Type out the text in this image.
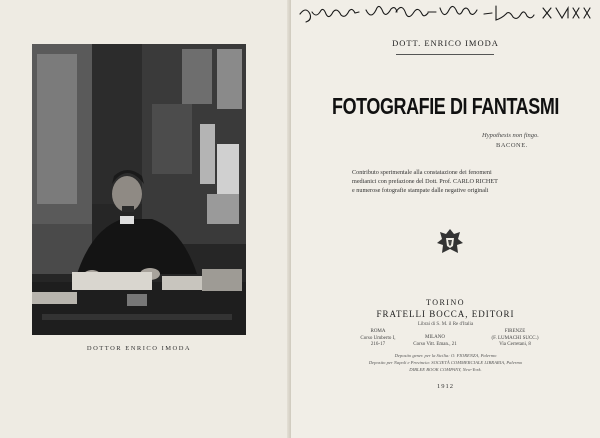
DOTTOR ENRICO IMODA
DOTT. ENRICO IMODA
FOTOGRAFIE DI FANTASMI
Hypothesis non fingo.
BACONE.
Contributo sperimentale alla constatazione dei fenomeni
medianici con prefazione del Dott. Prof. CARLO RICHET
e numerose fotografie stampate dalle negative originali
TORINO
FRATELLI BOCCA, EDITORI
Librai di S. M. il Re d'Italia
ROMA
Corso Umberto I, 216-17
MILANO
Corso Vitt. Eman., 21
FIRENZE
(F. LUMACHI SUCC.)
Via Cerretani, 8
Deposito gener. per la Sicilia: O. FIORENZA, Palermo
Deposito per Napoli e Provincia: SOCIETÀ COMMERCIALE LIBRARIA, Palermo
DIBLEE BOOK COMPANY, New-York.
1912
